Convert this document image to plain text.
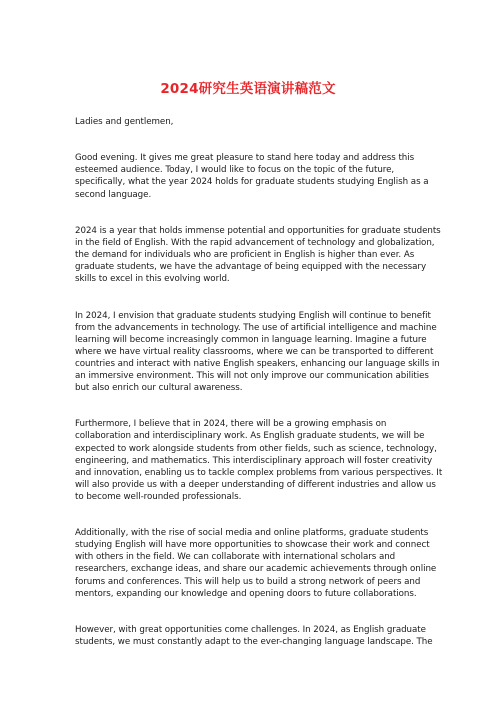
2024研究生英语演讲稿范文

Ladies and gentlemen,

Good evening. It gives me great pleasure to stand here today and address this
esteemed audience. Today, I would like to focus on the topic of the future,
specifically, what the year 2024 holds for graduate students studying English as a
second language.

2024 is a year that holds immense potential and opportunities for graduate students
in the field of English. With the rapid advancement of technology and globalization,
the demand for individuals who are proficient in English is higher than ever. As
graduate students, we have the advantage of being equipped with the necessary
skills to excel in this evolving world.

In 2024, I envision that graduate students studying English will continue to benefit
from the advancements in technology. The use of artificial intelligence and machine
learning will become increasingly common in language learning. Imagine a future
where we have virtual reality classrooms, where we can be transported to different
countries and interact with native English speakers, enhancing our language skills in
an immersive environment. This will not only improve our communication abilities
but also enrich our cultural awareness.

Furthermore, I believe that in 2024, there will be a growing emphasis on
collaboration and interdisciplinary work. As English graduate students, we will be
expected to work alongside students from other fields, such as science, technology,
engineering, and mathematics. This interdisciplinary approach will foster creativity
and innovation, enabling us to tackle complex problems from various perspectives. It
will also provide us with a deeper understanding of different industries and allow us
to become well-rounded professionals.

Additionally, with the rise of social media and online platforms, graduate students
studying English will have more opportunities to showcase their work and connect
with others in the field. We can collaborate with international scholars and
researchers, exchange ideas, and share our academic achievements through online
forums and conferences. This will help us to build a strong network of peers and
mentors, expanding our knowledge and opening doors to future collaborations.

However, with great opportunities come challenges. In 2024, as English graduate
students, we must constantly adapt to the ever-changing language landscape. The
